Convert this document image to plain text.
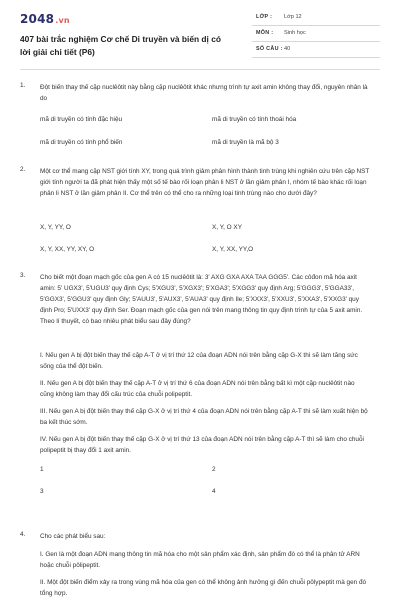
2048.vn
407 bài trắc nghiệm Cơ chế Di truyền và biến dị có lời giải chi tiết (P6)
LỚP : Lớp 12
MÔN : Sinh học
SỐ CÂU : 40
1. Đột biến thay thế cặp nuclêôtit này bằng cặp nuclêôtit khác nhưng trình tự axit amin không thay đổi, nguyên nhân là do
mã di truyền có tính đặc hiệu	mã di truyền có tính thoái hóa
mã di truyền có tính phổ biến	mã di truyền là mã bộ 3
2. Một cơ thể mang cặp NST giới tính XY, trong quá trình giảm phân hình thành tinh trùng khi nghiên cứu trên cặp NST giới tính người ta đã phát hiện thấy một số tế bào rối loạn phân li NST ở lần giảm phân I, nhóm tế bào khác rối loạn phân li NST ở lần giảm phân II. Cơ thể trên có thể cho ra những loại tinh trùng nào cho dưới đây?
X, Y, YY, O	X, Y, O XY
X, Y, XX, YY, XY, O	X, Y, XX, YY,O
3. Cho biết một đoạn mạch gốc của gen A có 15 nuclêôtit là: 3' AXG GXA AXA TAA GGG5'. Các côđon mã hóa axit amin: 5' UGX3', 5'UGU3' quy định Cys; 5'XGU3', 5'XGX3'; 5'XGA3'; 5'XGG3' quy định Arg; 5'GGG3', 5'GGA33', 5'GGX3', 5'GGU3' quy định Gly; 5'AUU3', 5'AUX3', 5'AUA3' quy định Ile; 5'XXX3', 5'XXU3', 5'XXA3', 5'XXG3' quy định Pro; 5'UXX3' quy định Ser. Đoạn mạch gốc của gen nói trên mang thông tin quy định trình tự của 5 axit amin. Theo lí thuyết, có bao nhiêu phát biểu sau đây đúng?
I. Nếu gen A bị đột biến thay thế cặp A-T ở vị trí thứ 12 của đoạn ADN nói trên bằng cặp G-X thì sẽ làm tăng sức sống của thể đột biến.
II. Nếu gen A bị đột biến thay thế cặp A-T ở vị trí thứ 6 của đoạn ADN nói trên bằng bất kì một cặp nuclêôtit nào cũng không làm thay đổi cấu trúc của chuỗi polipeptit.
III. Nếu gen A bị đột biến thay thế cặp G-X ở vị trí thứ 4 của đoạn ADN nói trên bằng cặp A-T thì sẽ làm xuất hiện bộ ba kết thúc sớm.
IV. Nếu gen A bị đột biến thay thế cặp G-X ở vị trí thứ 13 của đoạn ADN nói trên bằng cặp A-T thì sẽ làm cho chuỗi polipeptit bị thay đổi 1 axit amin.
1	2
3	4
4. Cho các phát biểu sau:
I. Gen là một đoạn ADN mang thông tin mã hóa cho một sản phẩm xác định, sản phẩm đó có thể là phân tử ARN hoặc chuỗi pôlipeptit.
II. Một đột biến điểm xảy ra trong vùng mã hóa của gen có thể không ảnh hưởng gì đến chuỗi pôlypeptit mà gen đó tổng hợp.
